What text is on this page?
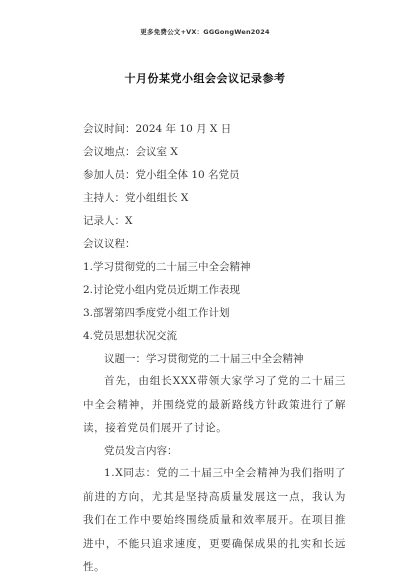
更多免费公文+VX：GGGongWen2024
十月份某党小组会会议记录参考
会议时间：2024 年 10 月 X 日
会议地点：会议室 X
参加人员：党小组全体 10 名党员
主持人：党小组组长 X
记录人：X
会议议程：
1.学习贯彻党的二十届三中全会精神
2.讨论党小组内党员近期工作表现
3.部署第四季度党小组工作计划
4.党员思想状况交流
议题一：学习贯彻党的二十届三中全会精神
首先，由组长XXX带领大家学习了党的二十届三中全会精神，并围绕党的最新路线方针政策进行了解读，接着党员们展开了讨论。
党员发言内容：
1.X同志：党的二十届三中全会精神为我们指明了前进的方向，尤其是坚持高质量发展这一点，我认为我们在工作中要始终围绕质量和效率展开。在项目推进中，不能只追求速度，更要确保成果的扎实和长远性。
